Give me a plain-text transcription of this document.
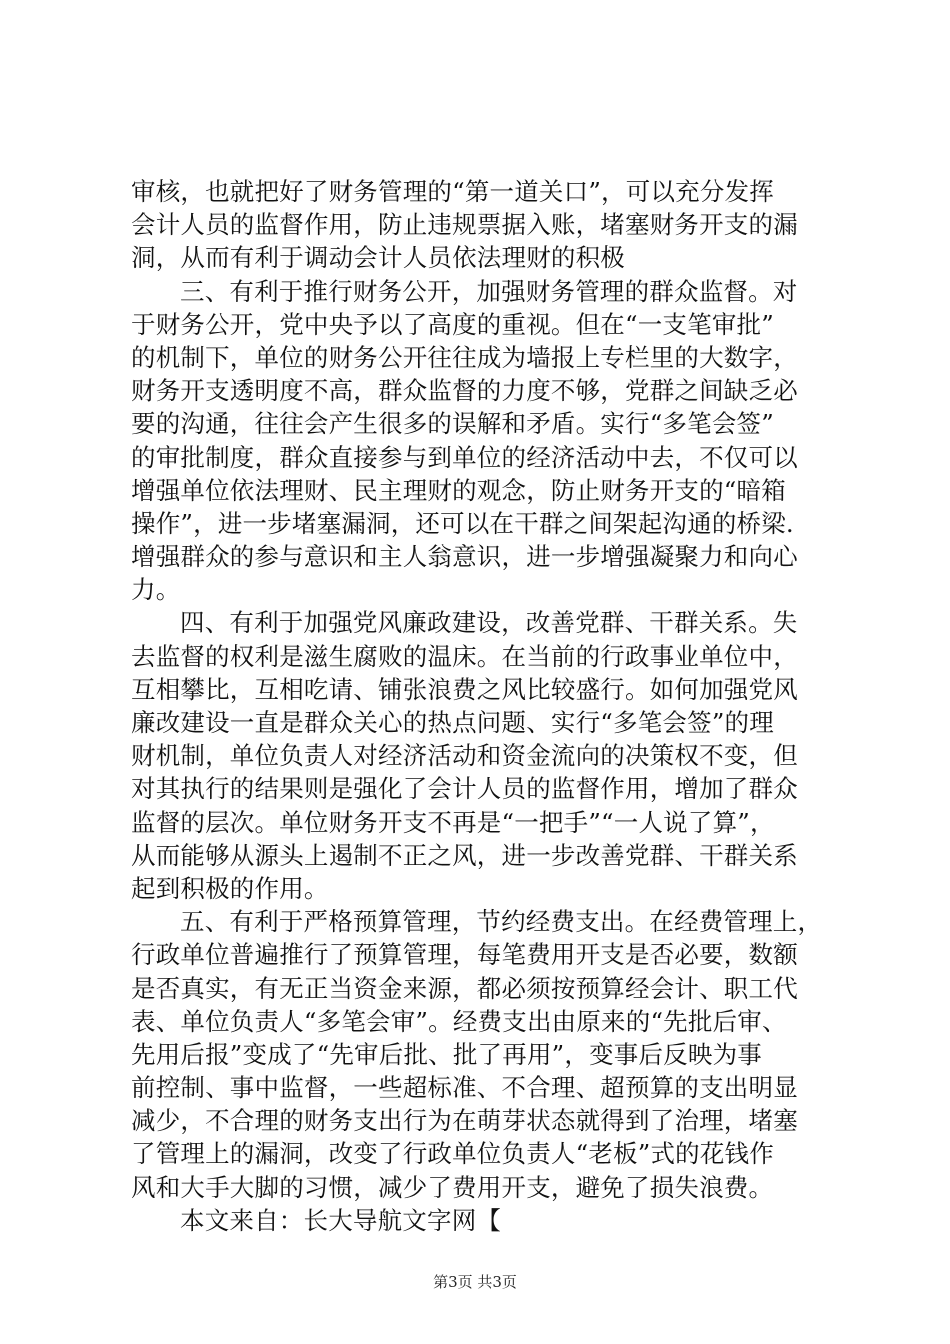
审核，也就把好了财务管理的“第一道关口”，可以充分发挥
会计人员的监督作用，防止违规票据入账，堵塞财务开支的漏
洞，从而有利于调动会计人员依法理财的积极
三、有利于推行财务公开，加强财务管理的群众监督。对
于财务公开，党中央予以了高度的重视。但在“一支笔审批”
的机制下，单位的财务公开往往成为墙报上专栏里的大数字，
财务开支透明度不高，群众监督的力度不够，党群之间缺乏必
要的沟通，往往会产生很多的误解和矛盾。实行“多笔会签”
的审批制度，群众直接参与到单位的经济活动中去，不仅可以
增强单位依法理财、民主理财的观念，防止财务开支的“暗箱
操作”，进一步堵塞漏洞，还可以在干群之间架起沟通的桥梁.
增强群众的参与意识和主人翁意识，进一步增强凝聚力和向心
力。
四、有利于加强党风廉政建设，改善党群、干群关系。失
去监督的权利是滋生腐败的温床。在当前的行政事业单位中，
互相攀比，互相吃请、铺张浪费之风比较盛行。如何加强党风
廉改建设一直是群众关心的热点问题、实行“多笔会签”的理
财机制，单位负责人对经济活动和资金流向的决策权不变，但
对其执行的结果则是强化了会计人员的监督作用，增加了群众
监督的层次。单位财务开支不再是“一把手”“一人说了算”，
从而能够从源头上遏制不正之风，进一步改善党群、干群关系
起到积极的作用。
五、有利于严格预算管理，节约经费支出。在经费管理上，
行政单位普遍推行了预算管理，每笔费用开支是否必要，数额
是否真实，有无正当资金来源，都必须按预算经会计、职工代
表、单位负责人“多笔会审”。经费支出由原来的“先批后审、
先用后报”变成了“先审后批、批了再用”，变事后反映为事
前控制、事中监督，一些超标准、不合理、超预算的支出明显
减少，不合理的财务支出行为在萌芽状态就得到了治理，堵塞
了管理上的漏洞，改变了行政单位负责人“老板”式的花钱作
风和大手大脚的习惯，减少了费用开支，避免了损失浪费。
本文来自：长大导航文字网【
第3页 共3页
